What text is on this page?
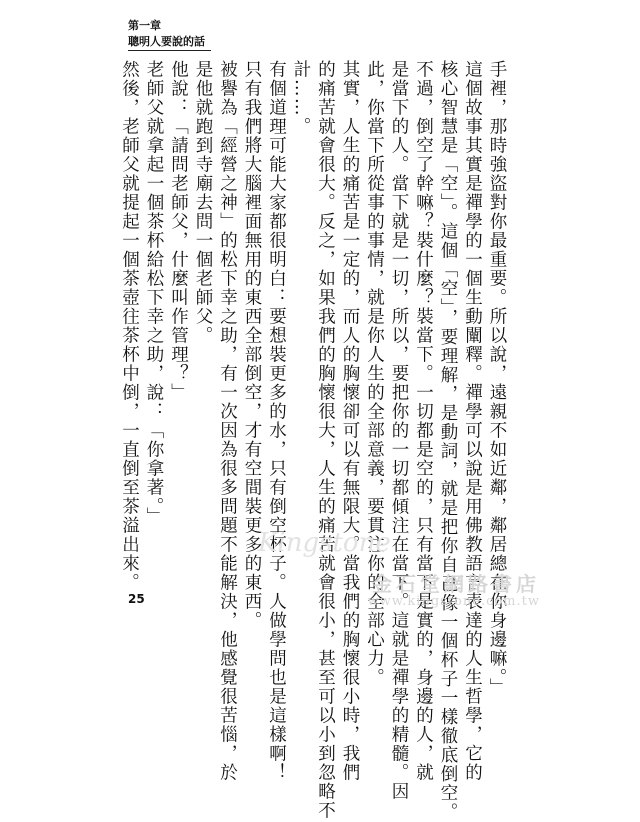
第一章
聰明人要說的話
手裡，那時強盜對你最重要。所以說，遠親不如近鄰，鄰居總在你身邊嘛。」
這個故事其實是禪學的一個生動闡釋。禪學可以說是用佛教語言表達的人生哲學，它的
核心智慧是「空」。這個「空」，要理解，是動詞，就是把你自己像一個杯子一樣徹底倒空。
不過，倒空了幹嘛？裝什麼？裝當下。一切都是空的，只有當下是實的，身邊的人，就
是當下的人。當下就是一切，所以，要把你的一切都傾注在當下。這就是禪學的精髓。因
此，你當下所從事的事情，就是你人生的全部意義，要貫注你的全部心力。
其實，人生的痛苦是一定的，而人的胸懷卻可以有無限大。當我們的胸懷很小時，我們
的痛苦就會很大。反之，如果我們的胸懷很大，人生的痛苦就會很小，甚至可以小到忽略不
計……。
有個道理可能大家都很明白：要想裝更多的水，只有倒空杯子。人做學問也是這樣啊！
只有我們將大腦裡面無用的東西全部倒空，才有空間裝更多的東西。
被譽為「經營之神」的松下幸之助，有一次因為很多問題不能解決，他感覺很苦惱，於
是他就跑到寺廟去問一個老師父。
他說：「請問老師父，什麼叫作管理？」
老師父就拿起一個茶杯給松下幸之助，說：「你拿著。」
然後，老師父就提起一個茶壺往茶杯中倒，一直倒至茶溢出來。	Kingstone
金石堂網路書店
www.kingstone.com.tw
25
